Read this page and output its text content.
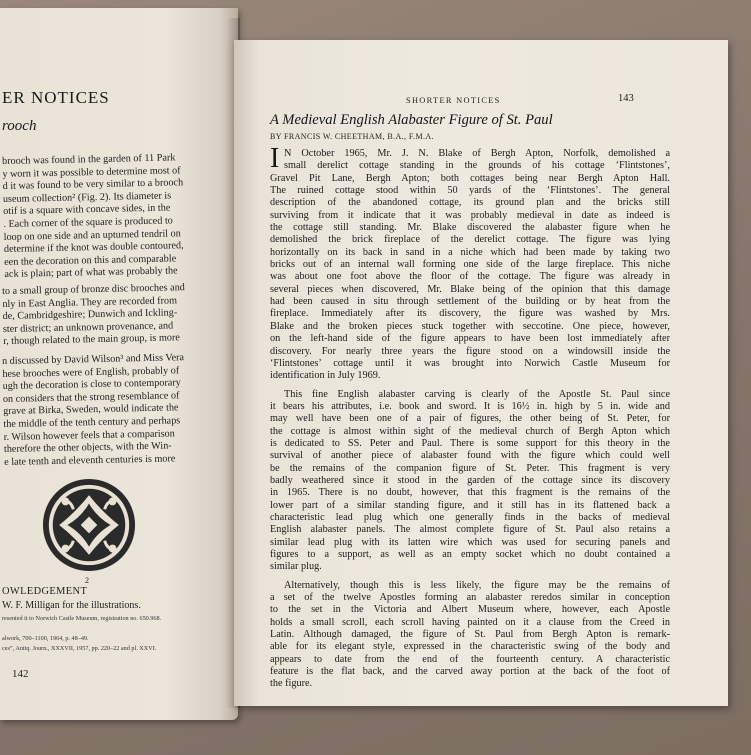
ER NOTICES
rooch
brooch was found in the garden of 11 Park
y worn it was possible to determine most of
d it was found to be very similar to a brooch
useum collection² (Fig. 2). Its diameter is
otif is a square with concave sides, in the
. Each corner of the square is produced to
loop on one side and an upturned tendril on
determine if the knot was double contoured,
een the decoration on this and comparable
ack is plain; part of what was probably the
to a small group of bronze disc brooches and
nly in East Anglia. They are recorded from
de, Cambridgeshire; Dunwich and Ickling-
ster district; an unknown provenance, and
r, though related to the main group, is more
n discussed by David Wilson³ and Miss Vera
hese brooches were of English, probably of
ugh the decoration is close to contemporary
on considers that the strong resemblance of
grave at Birka, Sweden, would indicate the
the middle of the tenth century and perhaps
r. Wilson however feels that a comparison
therefore the other objects, with the Win-
e late tenth and eleventh centuries is more
2
OWLEDGEMENT
W. F. Milligan for the illustrations.
resented it to Norwich Castle Museum, registration no. 650.968.
alwork, 700–1100, 1964, p. 48–49.
ces”, Antiq. Journ., XXXVII, 1957, pp. 220–22 and pl. XXVI.
142
SHORTER NOTICES	143
A Medieval English Alabaster Figure of St. Paul
BY FRANCIS W. CHEETHAM, B.A., F.M.A.
I N October 1965, Mr. J. N. Blake of Bergh Apton, Norfolk, demolished a
small derelict cottage standing in the grounds of his cottage ‘Flintstones’,
Gravel Pit Lane, Bergh Apton; both cottages being near Bergh Apton Hall.
The ruined cottage stood within 50 yards of the ‘Flintstones’. The general
description of the abandoned cottage, its ground plan and the bricks still
surviving from it indicate that it was probably medieval in date as indeed is
the cottage still standing. Mr. Blake discovered the alabaster figure when he
demolished the brick fireplace of the derelict cottage. The figure was lying
horizontally on its back in sand in a niche which had been made by taking two
bricks out of an internal wall forming one side of the large fireplace. This niche
was about one foot above the floor of the cottage. The figure was already in
several pieces when discovered, Mr. Blake being of the opinion that this damage
had been caused in situ through settlement of the building or by heat from the
fireplace. Immediately after its discovery, the figure was washed by Mrs.
Blake and the broken pieces stuck together with seccotine. One piece, however,
on the left-hand side of the figure appears to have been lost immediately after
discovery. For nearly three years the figure stood on a windowsill inside the
‘Flintstones’ cottage until it was brought into Norwich Castle Museum for
identification in July 1969.
This fine English alabaster carving is clearly of the Apostle St. Paul since
it bears his attributes, i.e. book and sword. It is 16½ in. high by 5 in. wide and
may well have been one of a pair of figures, the other being of St. Peter, for
the cottage is almost within sight of the medieval church of Bergh Apton which
is dedicated to SS. Peter and Paul. There is some support for this theory in the
survival of another piece of alabaster found with the figure which could well
be the remains of the companion figure of St. Peter. This fragment is very
badly weathered since it stood in the garden of the cottage since its discovery
in 1965. There is no doubt, however, that this fragment is the remains of the
lower part of a similar standing figure, and it still has in its flattened back a
characteristic lead plug which one generally finds in the backs of medieval
English alabaster panels. The almost complete figure of St. Paul also retains a
similar lead plug with its latten wire which was used for securing panels and
figures to a support, as well as an empty socket which no doubt contained a
similar plug.
Alternatively, though this is less likely, the figure may be the remains of
a set of the twelve Apostles forming an alabaster reredos similar in conception
to the set in the Victoria and Albert Museum where, however, each Apostle
holds a small scroll, each scroll having painted on it a clause from the Creed in
Latin. Although damaged, the figure of St. Paul from Bergh Apton is remark-
able for its elegant style, expressed in the characteristic swing of the body and
appears to date from the end of the fourteenth century. A characteristic
feature is the flat back, and the carved away portion at the back of the foot of
the figure.
